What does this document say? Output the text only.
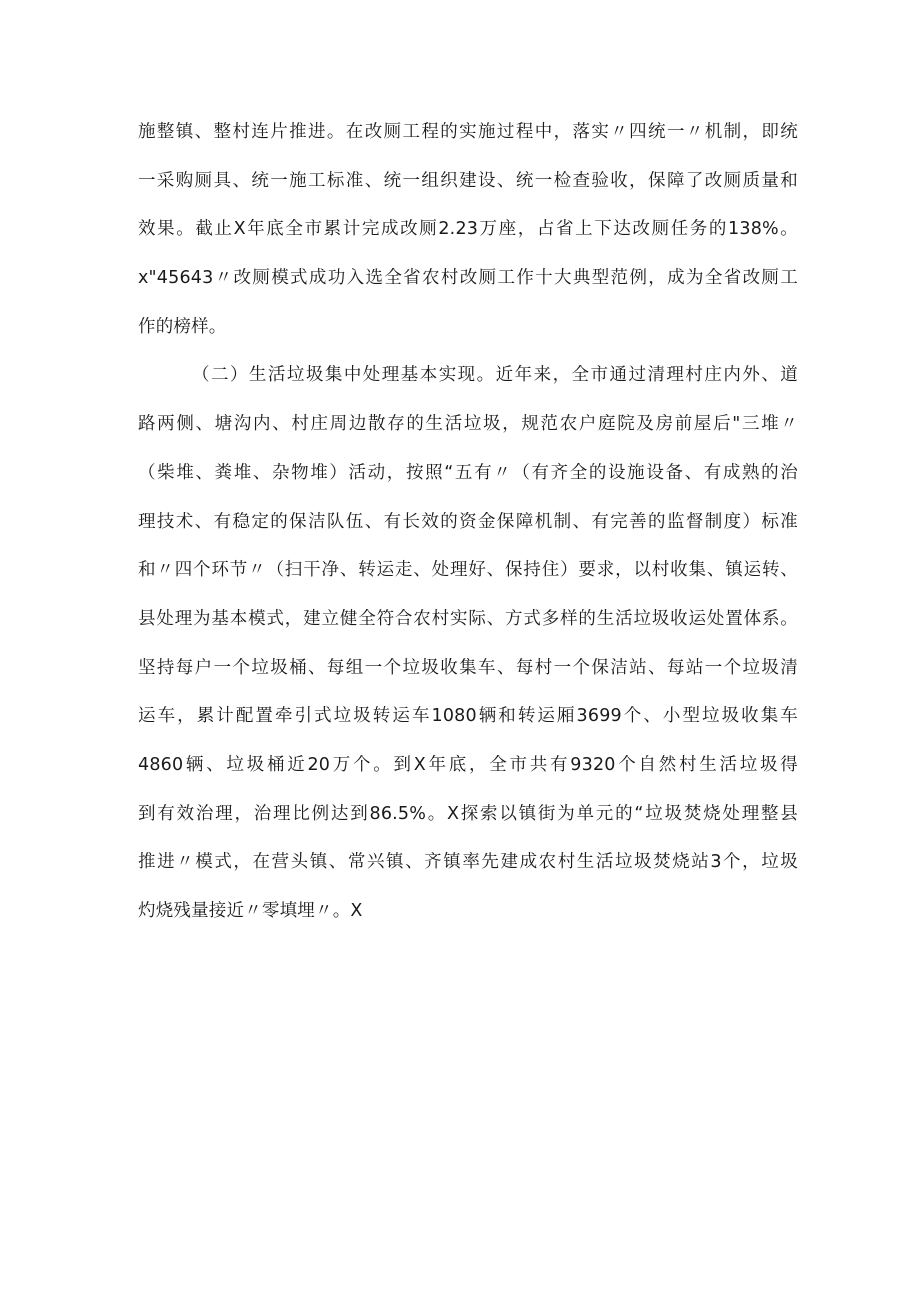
施整镇、整村连片推进。在改厕工程的实施过程中，落实〃四统一〃机制，即统
一采购厕具、统一施工标准、统一组织建设、统一检查验收，保障了改厕质量和
效果。截止X年底全市累计完成改厕2.23万座，占省上下达改厕任务的138%。
x"45643〃改厕模式成功入选全省农村改厕工作十大典型范例，成为全省改厕工
作的榜样。
（二）生活垃圾集中处理基本实现。近年来，全市通过清理村庄内外、道
路两侧、塘沟内、村庄周边散存的生活垃圾，规范农户庭院及房前屋后"三堆〃
（柴堆、粪堆、杂物堆）活动，按照“五有〃（有齐全的设施设备、有成熟的治
理技术、有稳定的保洁队伍、有长效的资金保障机制、有完善的监督制度）标准
和〃四个环节〃（扫干净、转运走、处理好、保持住）要求，以村收集、镇运转、
县处理为基本模式，建立健全符合农村实际、方式多样的生活垃圾收运处置体系。
坚持每户一个垃圾桶、每组一个垃圾收集车、每村一个保洁站、每站一个垃圾清
运车，累计配置牵引式垃圾转运车1080辆和转运厢3699个、小型垃圾收集车
4860辆、垃圾桶近20万个。到X年底，全市共有9320个自然村生活垃圾得
到有效治理，治理比例达到86.5%。X探索以镇街为单元的“垃圾焚烧处理整县
推进〃模式，在营头镇、常兴镇、齐镇率先建成农村生活垃圾焚烧站3个，垃圾
灼烧残量接近〃零填埋〃。X
